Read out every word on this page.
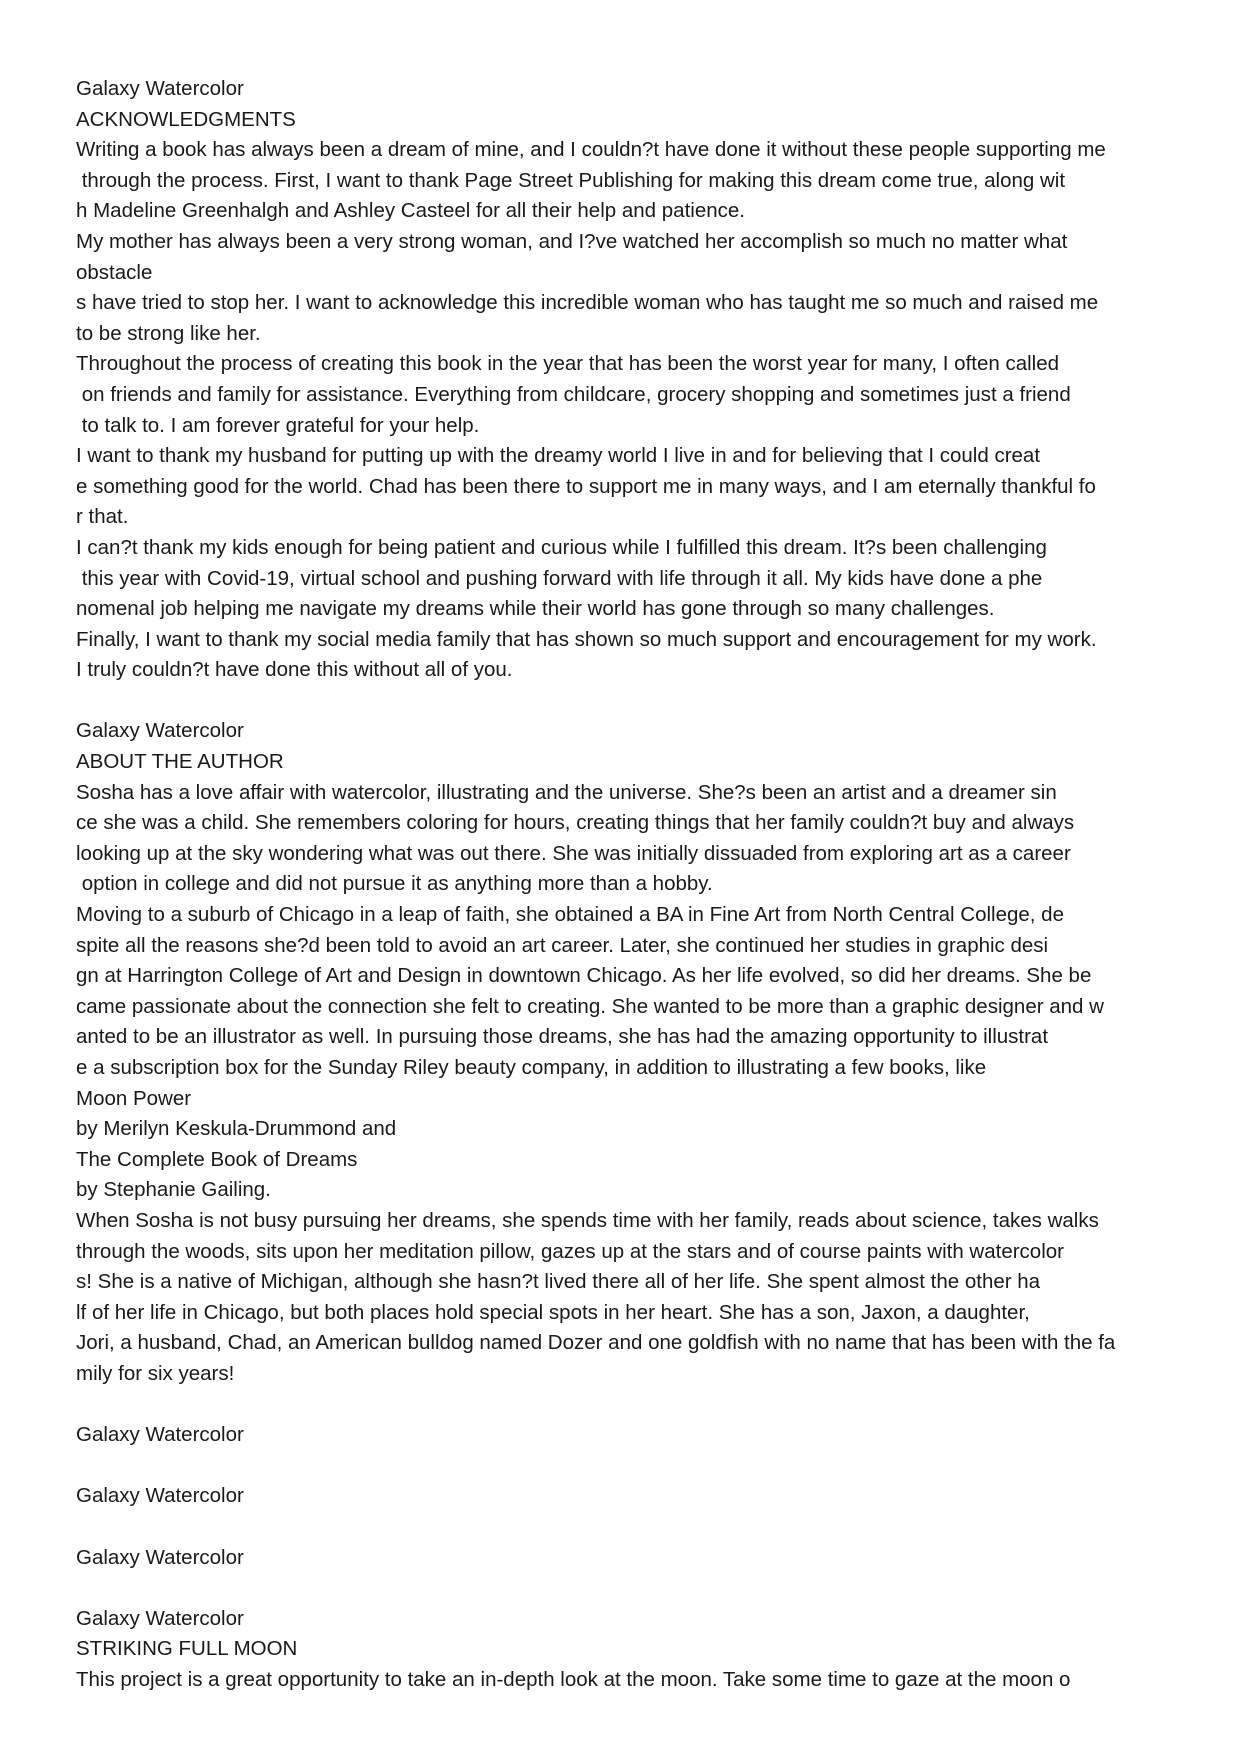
Galaxy Watercolor
ACKNOWLEDGMENTS
Writing a book has always been a dream of mine, and I couldn?t have done it without these people supporting me
through the process. First, I want to thank Page Street Publishing for making this dream come true, along wit
h Madeline Greenhalgh and Ashley Casteel for all their help and patience.
My mother has always been a very strong woman, and I?ve watched her accomplish so much no matter what
obstacle
s have tried to stop her. I want to acknowledge this incredible woman who has taught me so much and raised me
to be strong like her.
Throughout the process of creating this book in the year that has been the worst year for many, I often called
on friends and family for assistance. Everything from childcare, grocery shopping and sometimes just a friend
to talk to. I am forever grateful for your help.
I want to thank my husband for putting up with the dreamy world I live in and for believing that I could creat
e something good for the world. Chad has been there to support me in many ways, and I am eternally thankful fo
r that.
I can?t thank my kids enough for being patient and curious while I fulfilled this dream. It?s been challenging
this year with Covid-19, virtual school and pushing forward with life through it all. My kids have done a phe
nomenal job helping me navigate my dreams while their world has gone through so many challenges.
Finally, I want to thank my social media family that has shown so much support and encouragement for my work.
I truly couldn?t have done this without all of you.
Galaxy Watercolor
ABOUT THE AUTHOR
Sosha has a love affair with watercolor, illustrating and the universe. She?s been an artist and a dreamer sin
ce she was a child. She remembers coloring for hours, creating things that her family couldn?t buy and always
looking up at the sky wondering what was out there. She was initially dissuaded from exploring art as a career
option in college and did not pursue it as anything more than a hobby.
Moving to a suburb of Chicago in a leap of faith, she obtained a BA in Fine Art from North Central College, de
spite all the reasons she?d been told to avoid an art career. Later, she continued her studies in graphic desi
gn at Harrington College of Art and Design in downtown Chicago. As her life evolved, so did her dreams. She be
came passionate about the connection she felt to creating. She wanted to be more than a graphic designer and w
anted to be an illustrator as well. In pursuing those dreams, she has had the amazing opportunity to illustrat
e a subscription box for the Sunday Riley beauty company, in addition to illustrating a few books, like
Moon Power
by Merilyn Keskula-Drummond and
The Complete Book of Dreams
by Stephanie Gailing.
When Sosha is not busy pursuing her dreams, she spends time with her family, reads about science, takes walks
through the woods, sits upon her meditation pillow, gazes up at the stars and of course paints with watercolor
s! She is a native of Michigan, although she hasn?t lived there all of her life. She spent almost the other ha
lf of her life in Chicago, but both places hold special spots in her heart. She has a son, Jaxon, a daughter,
Jori, a husband, Chad, an American bulldog named Dozer and one goldfish with no name that has been with the fa
mily for six years!
Galaxy Watercolor
Galaxy Watercolor
Galaxy Watercolor
Galaxy Watercolor
STRIKING FULL MOON
This project is a great opportunity to take an in-depth look at the moon. Take some time to gaze at the moon o
